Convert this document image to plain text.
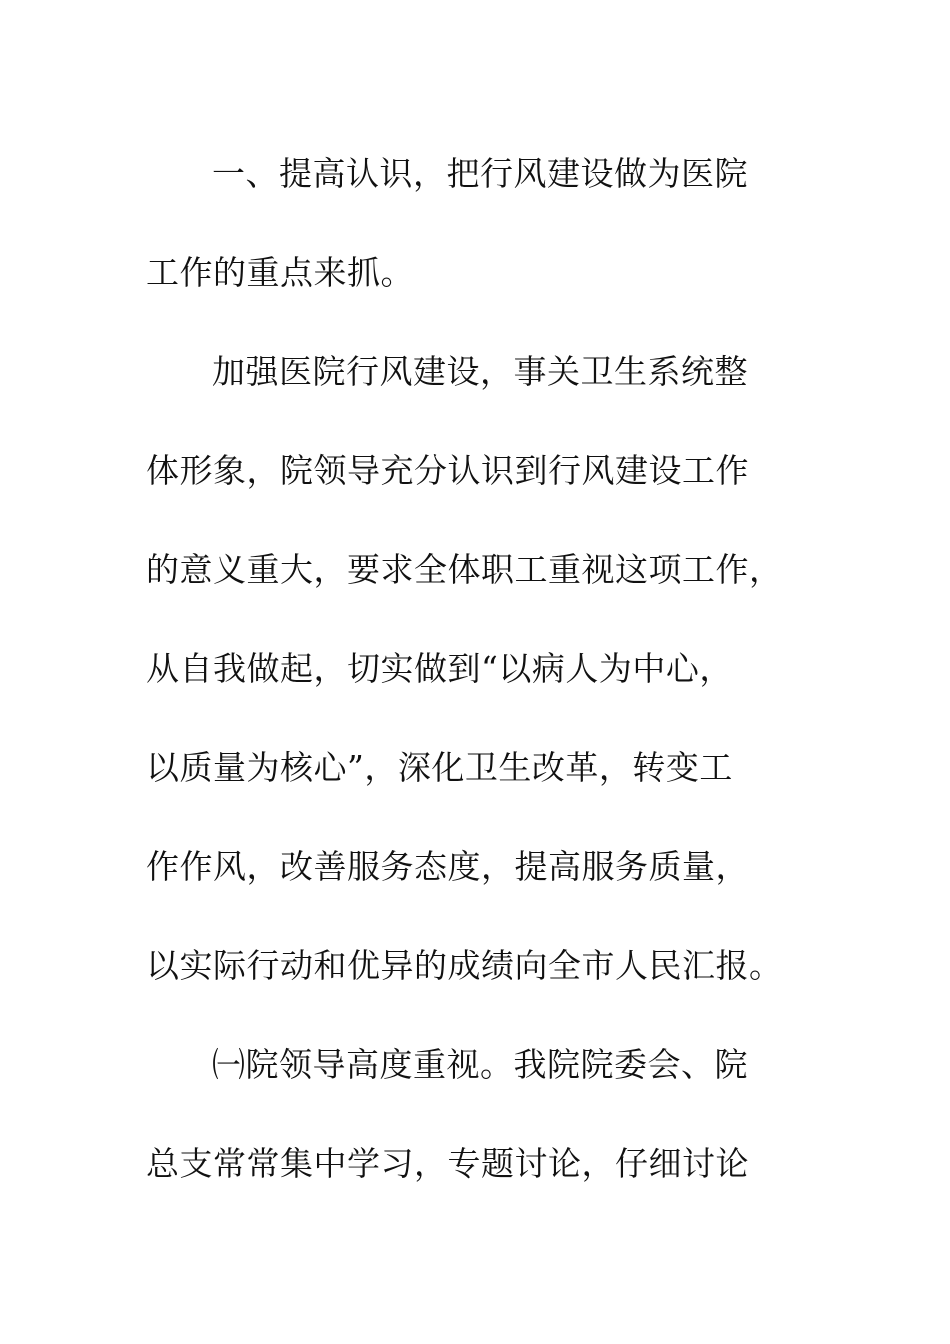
一、提高认识，把行风建设做为医院
工作的重点来抓。
加强医院行风建设，事关卫生系统整
体形象，院领导充分认识到行风建设工作
的意义重大，要求全体职工重视这项工作，
从自我做起，切实做到“以病人为中心，
以质量为核心”，深化卫生改革，转变工
作作风，改善服务态度，提高服务质量，
以实际行动和优异的成绩向全市人民汇报。
㈠院领导高度重视。我院院委会、院
总支常常集中学习，专题讨论，仔细讨论
